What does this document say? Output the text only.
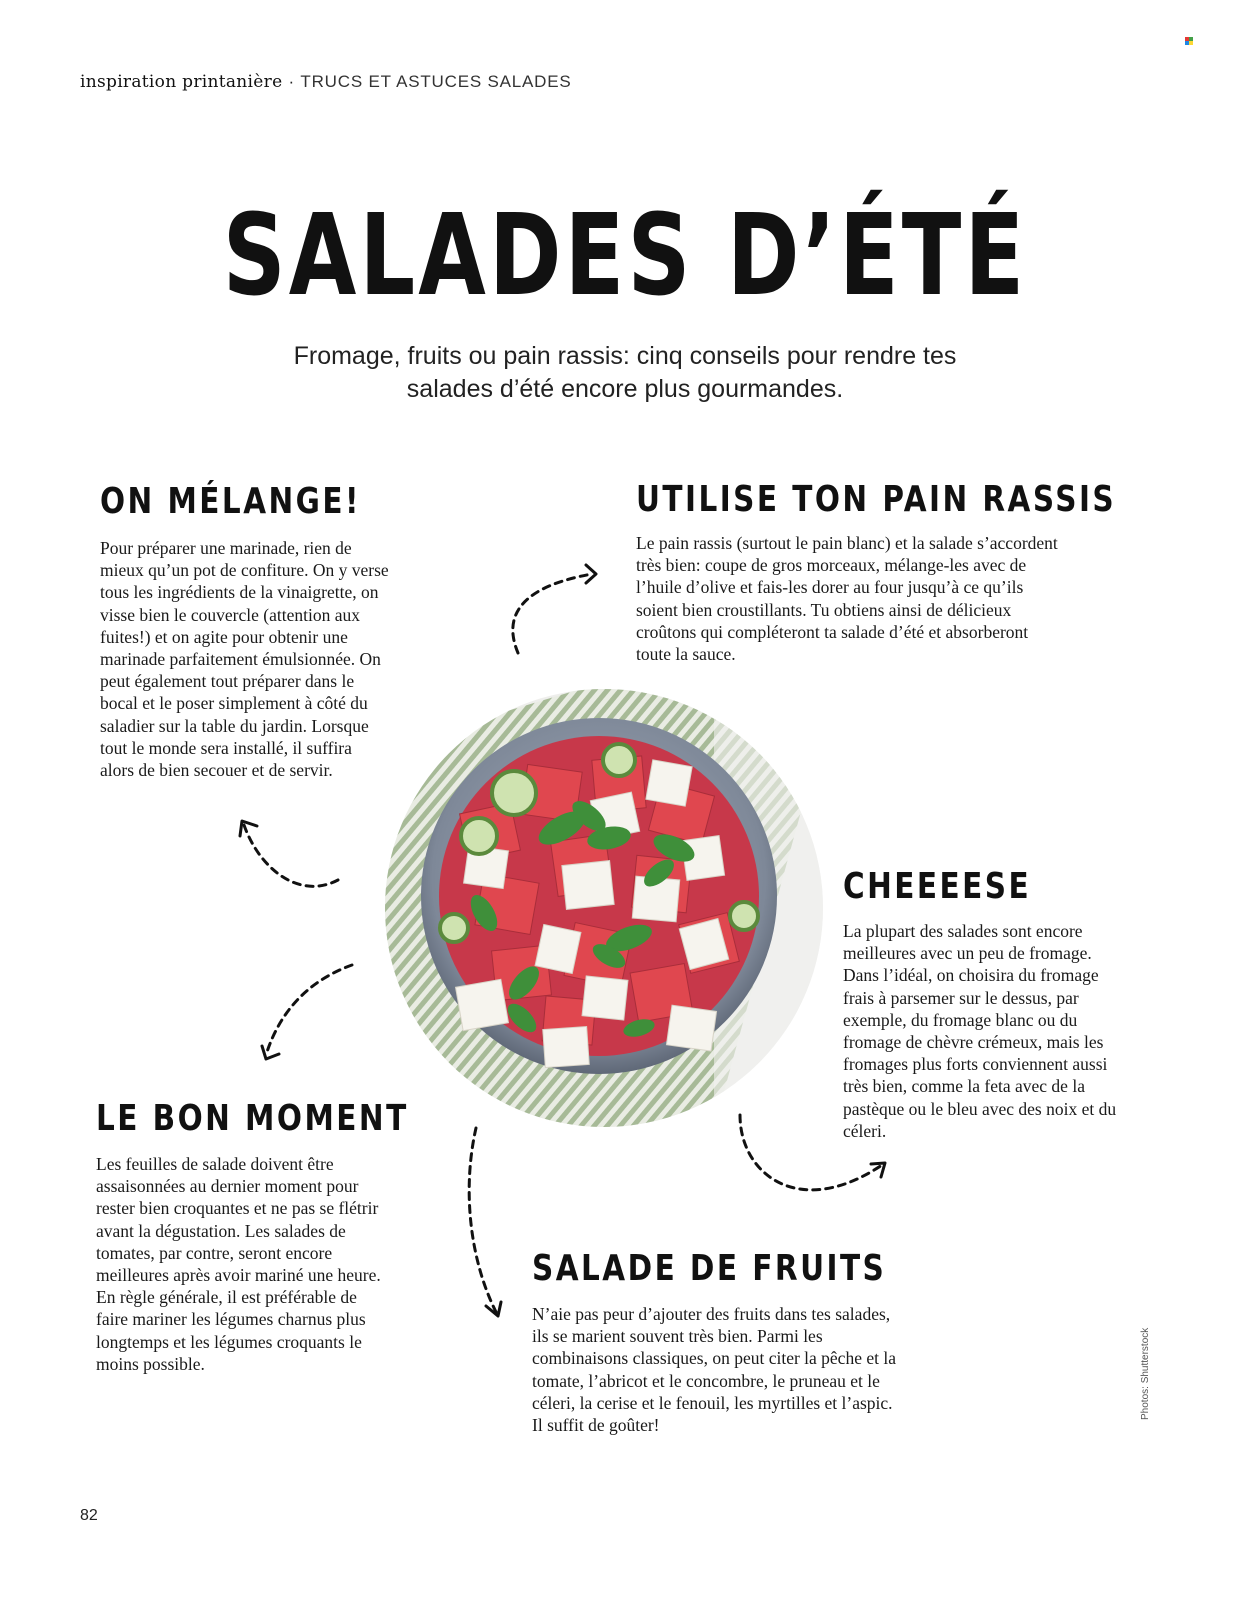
inspiration printanière · TRUCS ET ASTUCES SALADES
SALADES D’ÉTÉ
Fromage, fruits ou pain rassis: cinq conseils pour rendre tes salades d’été encore plus gourmandes.
ON MÉLANGE!

Pour préparer une marinade, rien de mieux qu’un pot de confiture. On y verse tous les ingrédients de la vinaigrette, on visse bien le couvercle (attention aux fuites!) et on agite pour obtenir une marinade parfaitement émulsionnée. On peut également tout préparer dans le bocal et le poser simplement à côté du saladier sur la table du jardin. Lorsque tout le monde sera installé, il suffira alors de bien secouer et de servir.

UTILISE TON PAIN RASSIS

Le pain rassis (surtout le pain blanc) et la salade s’accordent très bien: coupe de gros morceaux, mélange-les avec de l’huile d’olive et fais-les dorer au four jusqu’à ce qu’ils soient bien croustillants. Tu obtiens ainsi de délicieux croûtons qui compléteront ta salade d’été et absorberont toute la sauce.

CHEEEESE

La plupart des salades sont encore meilleures avec un peu de fromage. Dans l’idéal, on choisira du fromage frais à parsemer sur le dessus, par exemple, du fromage blanc ou du fromage de chèvre crémeux, mais les fromages plus forts conviennent aussi très bien, comme la feta avec de la pastèque ou le bleu avec des noix et du céleri.

LE BON MOMENT

Les feuilles de salade doivent être assaisonnées au dernier moment pour rester bien croquantes et ne pas se flétrir avant la dégustation. Les salades de tomates, par contre, seront encore meilleures après avoir mariné une heure. En règle générale, il est préférable de faire mariner les légumes charnus plus longtemps et les légumes croquants le moins possible.

SALADE DE FRUITS

N’aie pas peur d’ajouter des fruits dans tes salades, ils se marient souvent très bien. Parmi les combinaisons classiques, on peut citer la pêche et la tomate, l’abricot et le concombre, le pruneau et le céleri, la cerise et le fenouil, les myrtilles et l’aspic. Il suffit de goûter!

Photos: Shutterstock
82
